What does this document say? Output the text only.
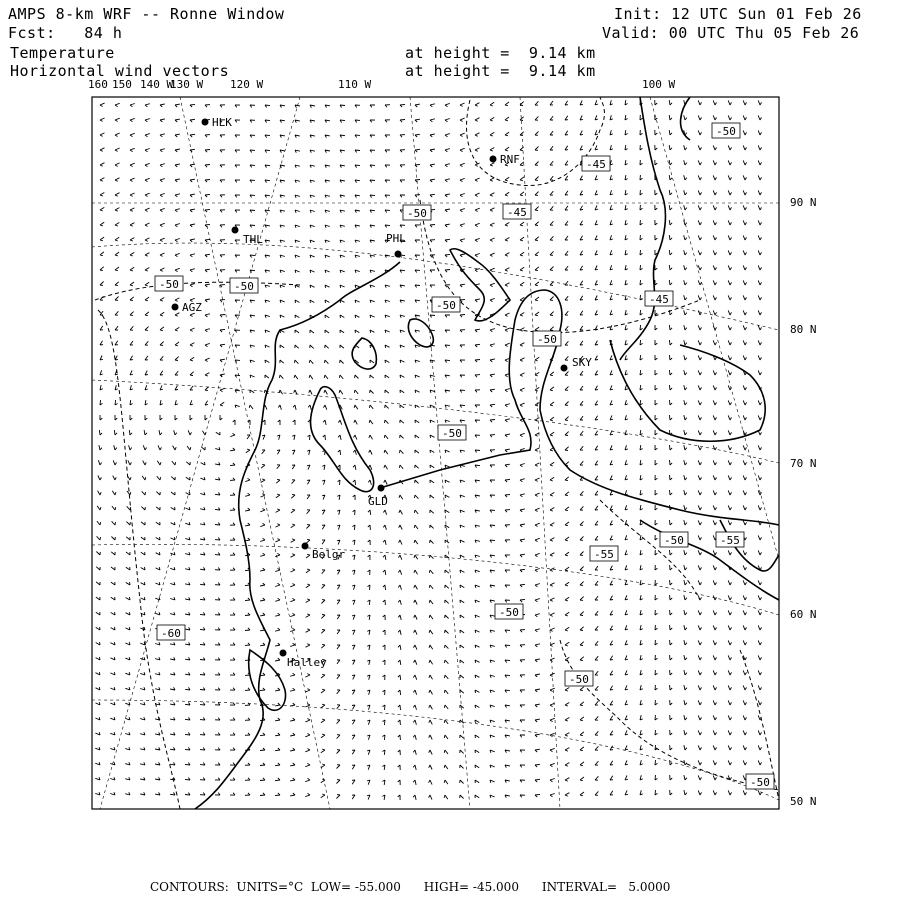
AMPS 8-km WRF -- Ronne Window
Fcst:   84 h
Temperature
Horizontal wind vectors
at height =  9.14 km
at height =  9.14 km
Init: 12 UTC Sun 01 Feb 26
Valid: 00 UTC Thu 05 Feb 26
160 150 140 W
130 W 120 W	110 W	100 W
90 N
80 N
70 N
60 N
50 N
HLK
RNF
THL	PHL
AGZ
SKY
GLD
Belgr
Halley
-50
-45
-50	-45
-50	-50
-50
-50
-45
-50
-50
-55
-55
-50
-60
-50
-50
CONTOURS:  UNITS=°C  LOW= -55.000      HIGH= -45.000      INTERVAL=   5.0000
